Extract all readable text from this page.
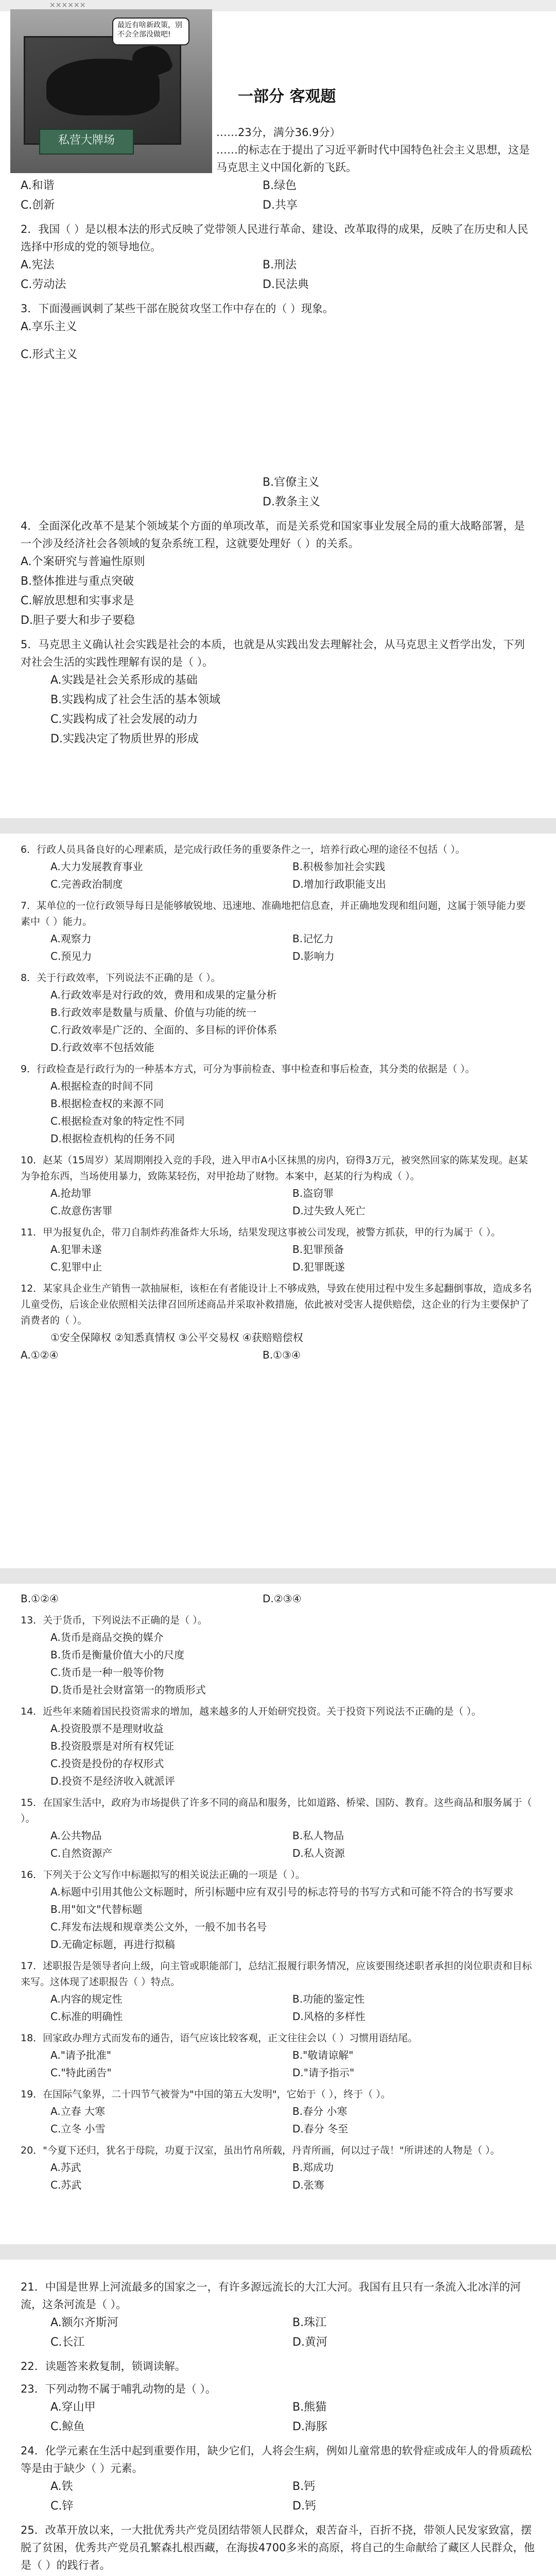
××××××
最近有啥新政策，别不会全部没做吧!
私营大牌场
一部分 客观题

……23分，满分36.9分）

……的标志在于提出了习近平新时代中国特色社会主义思想，这是马克思主义中国化新的飞跃。

A.和谐	B.绿色

C.创新	D.共享

2．我国（ ）是以根本法的形式反映了党带领人民进行革命、建设、改革取得的成果，反映了在历史和人民选择中形成的党的领导地位。

A.宪法	B.刑法

C.劳动法	D.民法典

3．下面漫画讽刺了某些干部在脱贫攻坚工作中存在的（ ）现象。

A.享乐主义

C.形式主义

B.官僚主义

D.教条主义

4．全面深化改革不是某个领域某个方面的单项改革，而是关系党和国家事业发展全局的重大战略部署，是一个涉及经济社会各领域的复杂系统工程，这就要处理好（ ）的关系。

A.个案研究与普遍性原则

B.整体推进与重点突破

C.解放思想和实事求是

D.胆子要大和步子要稳

5．马克思主义确认社会实践是社会的本质，也就是从实践出发去理解社会，从马克思主义哲学出发，下列对社会生活的实践性理解有误的是（ ）。

A.实践是社会关系形成的基础

B.实践构成了社会生活的基本领域

C.实践构成了社会发展的动力

D.实践决定了物质世界的形成

6．行政人员具备良好的心理素质，是完成行政任务的重要条件之一，培养行政心理的途径不包括（ ）。

A.大力发展教育事业	B.积极参加社会实践

C.完善政治制度	D.增加行政职能支出

7．某单位的一位行政领导每日是能够敏锐地、迅速地、准确地把信息查，并正确地发现和组问题，这属于领导能力要素中（ ）能力。

A.观察力	B.记忆力

C.预见力	D.影响力

8．关于行政效率，下列说法不正确的是（ ）。

A.行政效率是对行政的效，费用和成果的定量分析

B.行政效率是数量与质量、价值与功能的统一

C.行政效率是广泛的、全面的、多目标的评价体系

D.行政效率不包括效能

9．行政检查是行政行为的一种基本方式，可分为事前检查、事中检查和事后检查，其分类的依据是（ ）。

A.根据检查的时间不同

B.根据检查权的来源不同

C.根据检查对象的特定性不同

D.根据检查机构的任务不同

10．赵某（15周岁）某周期刚投入竞的手段，进入甲市A小区抹黑的房内，窃得3万元，被突然回家的陈某发现。赵某为争抢东西，当场使用暴力，致陈某轻伤，对甲抢劫了财物。本案中，赵某的行为构成（ ）。

A.抢劫罪	B.盗窃罪

C.故意伤害罪	D.过失致人死亡

11．甲为报复仇企，带刀自制炸药准备炸大乐场，结果发现这事被公司发现，被警方抓获，甲的行为属于（ ）。

A.犯罪未遂	B.犯罪预备

C.犯罪中止	D.犯罪既遂

12．某家具企业生产销售一款抽屉柜，该柜在有者能设计上不够成熟，导致在使用过程中发生多起翻倒事故，造成多名儿童受伤，后该企业依照相关法律召回所述商品并采取补救措施，依此被对受害人提供赔偿，这企业的行为主要保护了消费者的（ ）。

①安全保障权 ②知悉真情权 ③公平交易权 ④获赔赔偿权

A.①②④	B.①③④

B.①②④	D.②③④

13．关于货币，下列说法不正确的是（ ）。

A.货币是商品交换的媒介

B.货币是衡量价值大小的尺度

C.货币是一种一般等价物

D.货币是社会财富第一的物质形式

14．近些年来随着国民投资需求的增加，越来越多的人开始研究投资。关于投资下列说法不正确的是（ ）。

A.投资股票不是理财收益

B.投资股票是对所有权凭证

C.投资是投份的存权形式

D.投资不是经济收入就派评

15．在国家生活中，政府为市场提供了许多不同的商品和服务，比如道路、桥梁、国防、教育。这些商品和服务属于（ ）。

A.公共物品	B.私人物品

C.自然资源产	D.私人资源

16．下列关于公文写作中标题拟写的相关说法正确的一项是（ ）。

A.标题中引用其他公文标题时，所引标题中应有双引号的标志符号的书写方式和可能不符合的书写要求

B.用"如文"代替标题

C.拜发布法规和规章类公文外，一般不加书名号

D.无确定标题，再进行拟稿

17．述职报告是领导者向上级，向主管或职能部门，总结汇报履行职务情况，应该要围绕述职者承担的岗位职责和目标来写。这体现了述职报告（ ）特点。

A.内容的规定性	B.功能的鉴定性

C.标准的明确性	D.风格的多样性

18．回家政办理方式而发布的通告，语气应该比较客观，正文往往会以（ ）习惯用语结尾。

A."请予批准"	B."敬请谅解"

C."特此函告"	D."请予指示"

19．在国际气象界，二十四节气被誉为"中国的第五大发明"，它始于（ ），终于（ ）。

A.立春 大寒	B.春分 小寒

C.立冬 小雪	D.春分 冬至

20．"今夏下还归，犹名于母院，功夏于汉室，虽出竹帛所载，丹青所画，何以过子哉！"所讲述的人物是（ ）。

A.苏武	B.郑成功

C.苏武	D.张骞

21．中国是世界上河流最多的国家之一，有许多源远流长的大江大河。我国有且只有一条流入北冰洋的河流，这条河流是（ ）。

A.额尔齐斯河	B.珠江

C.长江	D.黄河

22．读题答来救复制，锁调读解。

23．下列动物不属于哺乳动物的是（ ）。

A.穿山甲	B.熊猫

C.鲸鱼	D.海豚

24．化学元素在生活中起到重要作用，缺少它们，人将会生病，例如儿童常患的软骨症或成年人的骨质疏松等是由于缺少（ ）元素。

A.铁	B.钙

C.锌	D.钙

25．改革开放以来，一大批优秀共产党员团结带领人民群众，艰苦奋斗，百折不挠，带领人民发家致富，摆脱了贫困，优秀共产党员孔繁森扎根西藏，在海拔4700多米的高原，将自己的生命献给了藏区人民群众，他是（ ）的践行者。
